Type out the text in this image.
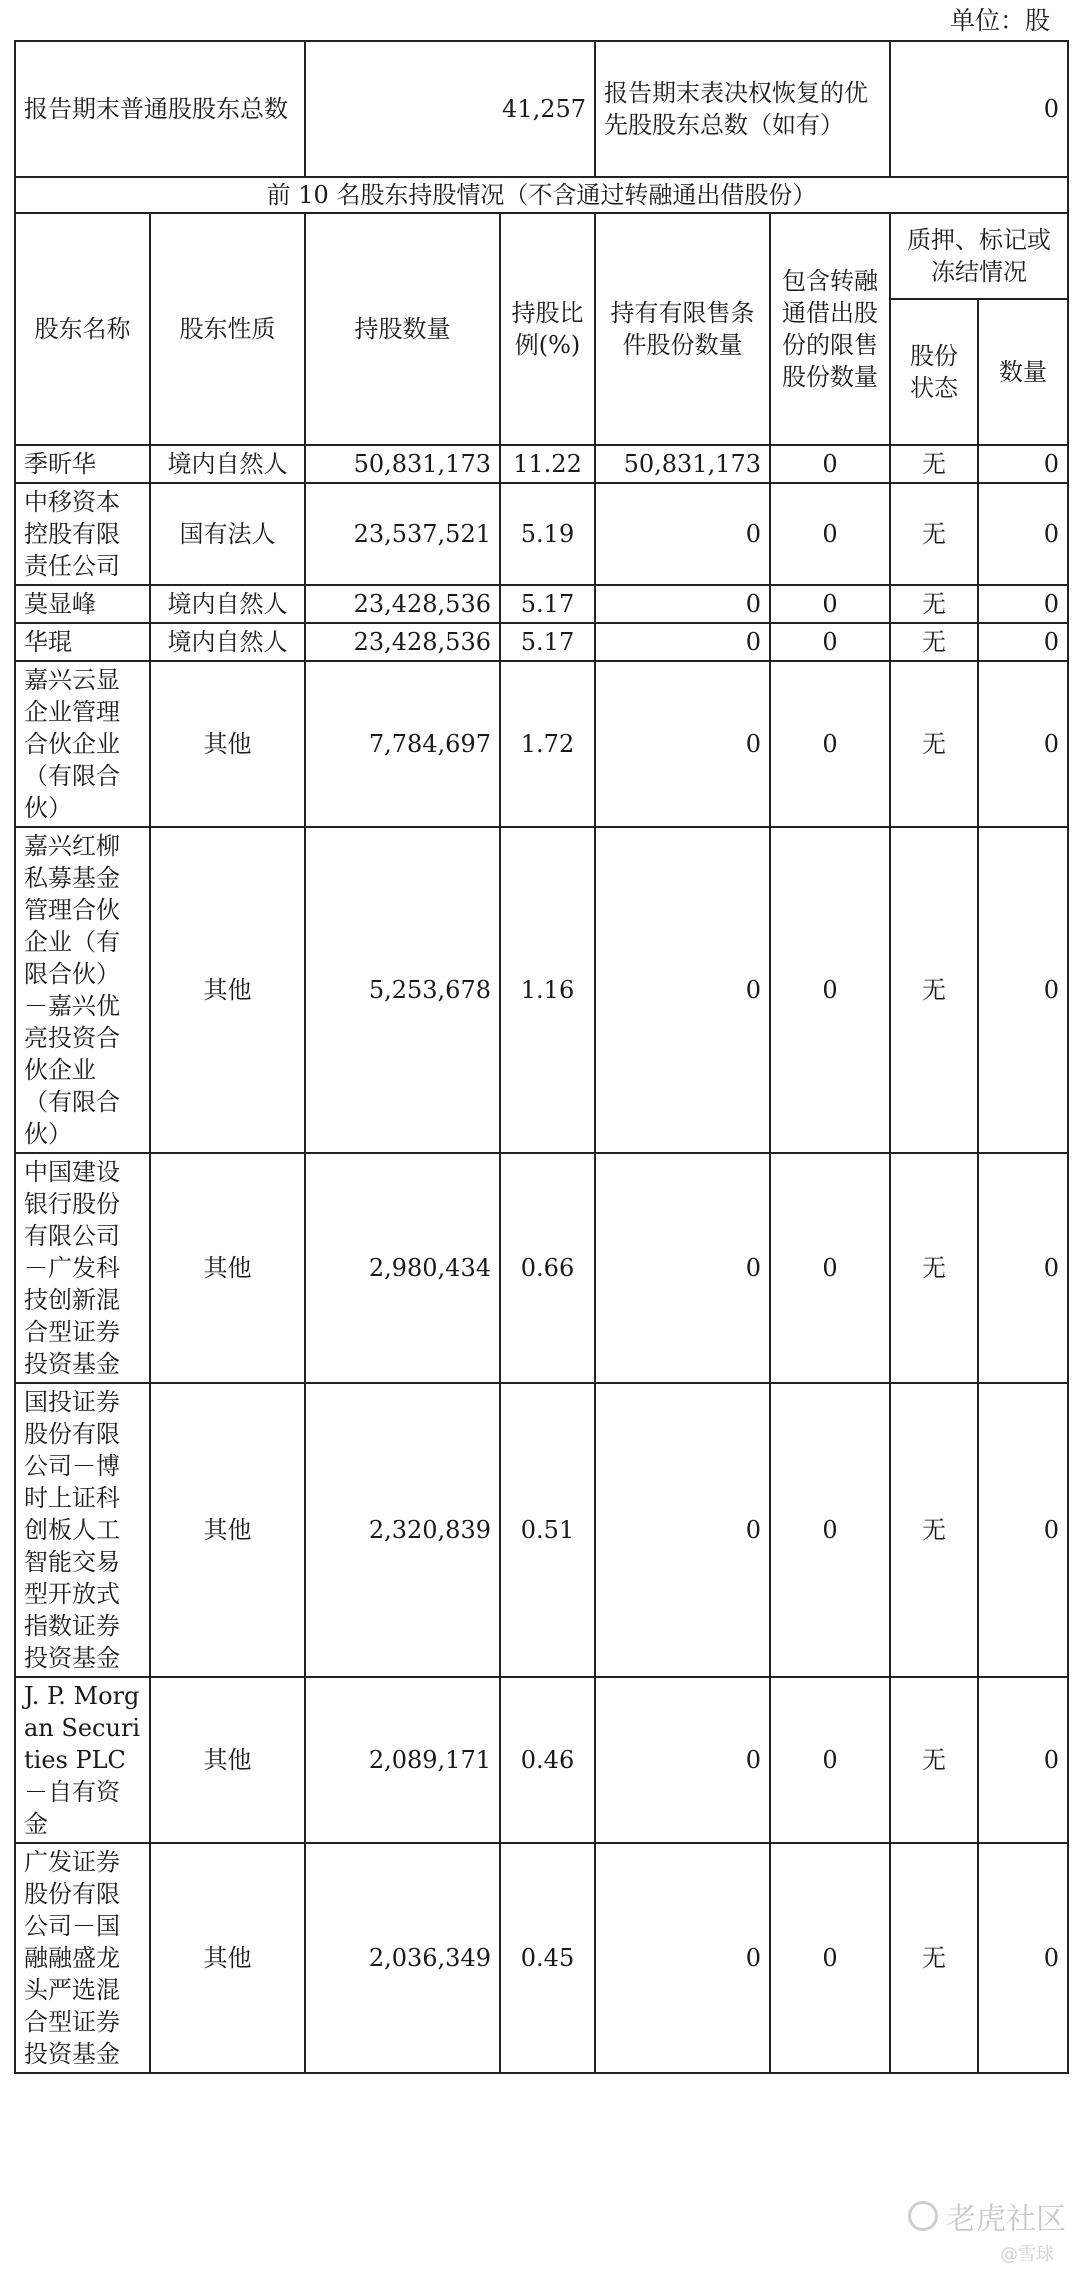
单位：股
报告期末普通股股东总数		41,257		报告期末表决权恢复的优先股股东总数（如有）		0	
前 10 名股东持股情况（不含通过转融通出借股份）							
股东名称	股东性质	持股数量	持股比例(%)	持有有限售条件股份数量	包含转融通借出股份的限售股份数量	质押、标记或冻结情况	
						股份状态	数量
季昕华	境内自然人	50,831,173	11.22	50,831,173	0	无	0
中移资本控股有限责任公司	国有法人	23,537,521	5.19	0	0	无	0
莫显峰	境内自然人	23,428,536	5.17	0	0	无	0
华琨	境内自然人	23,428,536	5.17	0	0	无	0
嘉兴云显企业管理合伙企业（有限合伙）	其他	7,784,697	1.72	0	0	无	0
嘉兴红柳私募基金管理合伙企业（有限合伙）－嘉兴优亮投资合伙企业（有限合伙）	其他	5,253,678	1.16	0	0	无	0
中国建设银行股份有限公司－广发科技创新混合型证券投资基金	其他	2,980,434	0.66	0	0	无	0
国投证券股份有限公司－博时上证科创板人工智能交易型开放式指数证券投资基金	其他	2,320,839	0.51	0	0	无	0
J. P. Morgan Securities PLC－自有资金	其他	2,089,171	0.46	0	0	无	0
广发证券股份有限公司－国融融盛龙头严选混合型证券投资基金	其他	2,036,349	0.45	0	0	无	0
老虎社区
@雪球
